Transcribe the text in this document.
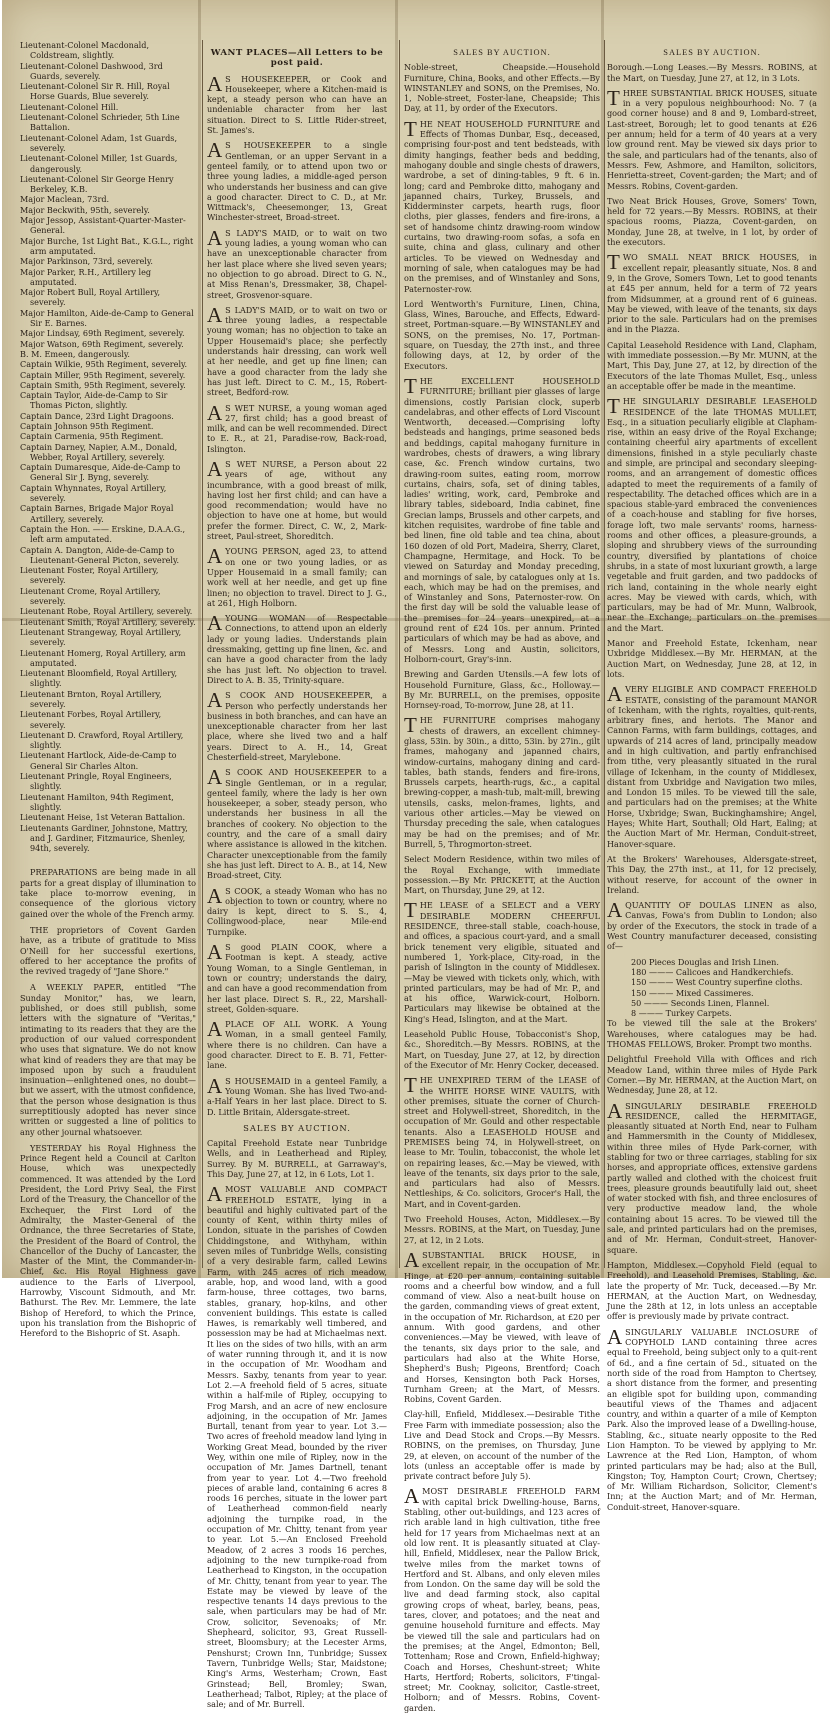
Lieutenant-Colonel Macdonald, Coldstream, slightly.
Lieutenant-Colonel Dashwood, 3rd Guards, severely.
Lieutenant-Colonel Sir R. Hill, Royal Horse Guards, Blue severely.
Lieutenant-Colonel Hill.
Lieutenant-Colonel Schrieder, 5th Line Battalion.
Lieutenant-Colonel Adam, 1st Guards, severely.
Lieutenant-Colonel Miller, 1st Guards, dangerously.
Lieutenant-Colonel Sir George Henry Berkeley, K.B.
Major Maclean, 73rd.
Major Beckwith, 95th, severely.
Major Jessop, Assistant-Quarter-Master-General.
Major Burche, 1st Light Bat., K.G.L., right arm amputated.
Major Parkinson, 73rd, severely.
Major Parker, R.H., Artillery leg amputated.
Major Robert Bull, Royal Artillery, severely.
Major Hamilton, Aide-de-Camp to General Sir E. Barnes.
Major Lindsay, 69th Regiment, severely.
Major Watson, 69th Regiment, severely.
B. M. Emeen, dangerously.
Captain Wilkie, 95th Regiment, severely.
Captain Miller, 95th Regiment, severely.
Captain Smith, 95th Regiment, severely.
Captain Taylor, Aide-de-Camp to Sir Thomas Picton, slightly.
Captain Dance, 23rd Light Dragoons.
Captain Johnson 95th Regiment.
Captain Carmenia, 95th Regiment.
Captain Darney, Napier, A.M., Donald, Webber, Royal Artillery, severely.
Captain Dumaresque, Aide-de-Camp to General Sir J. Byng, severely.
Captain Whynnates, Royal Artillery, severely.
Captain Barnes, Brigade Major Royal Artillery, severely.
Captain the Hon. —— Erskine, D.A.A.G., left arm amputated.
Captain A. Dangton, Aide-de-Camp to Lieutenant-General Picton, severely.
Lieutenant Foster, Royal Artillery, severely.
Lieutenant Crome, Royal Artillery, severely.
Lieutenant Robe, Royal Artillery, severely.
Lieutenant Smith, Royal Artillery, severely.
Lieutenant Strangeway, Royal Artillery, severely.
Lieutenant Homerg, Royal Artillery, arm amputated.
Lieutenant Bloomfield, Royal Artillery, slightly.
Lieutenant Brnton, Royal Artillery, severely.
Lieutenant Forbes, Royal Artillery, severely.
Lieutenant D. Crawford, Royal Artillery, slightly.
Lieutenant Hartlock, Aide-de-Camp to General Sir Charles Alton.
Lieutenant Pringle, Royal Engineers, slightly.
Lieutenant Hamilton, 94th Regiment, slightly.
Lieutenant Heise, 1st Veteran Battalion.
Lieutenants Gardiner, Johnstone, Mattry, and J. Gardiner, Fitzmaurice, Shenley, 94th, severely.
PREPARATIONS are being made in all parts for a great display of illumination to take place to-morrow evening, in consequence of the glorious victory gained over the whole of the French army.
THE proprietors of Covent Garden have, as a tribute of gratitude to Miss O'Neill for her successful exertions, offered to her acceptance the profits of the revived tragedy of "Jane Shore."
A WEEKLY PAPER, entitled "The Sunday Monitor," has, we learn, published, or does still publish, some letters with the signature of "Veritas," intimating to its readers that they are the production of our valued correspondent who uses that signature. We do not know what kind of readers they are that may be imposed upon by such a fraudulent insinuation—enlightened ones, no doubt—but we assert, with the utmost confidence, that the person whose designation is thus surreptitiously adopted has never since written or suggested a line of politics to any other journal whatsoever.
YESTERDAY his Royal Highness the Prince Regent held a Council at Carlton House, which was unexpectedly commenced. It was attended by the Lord President, the Lord Privy Seal, the First Lord of the Treasury, the Chancellor of the Exchequer, the First Lord of the Admiralty, the Master-General of the Ordnance, the three Secretaries of State, the President of the Board of Control, the Chancellor of the Duchy of Lancaster, the Master of the Mint, the Commander-in-Chief, &c. His Royal Highness gave audience to the Earls of Liverpool, Harrowby, Viscount Sidmouth, and Mr. Bathurst. The Rev. Mr. Lemmere, the late Bishop of Hereford, to which the Prince, upon his translation from the Bishopric of Hereford to the Bishopric of St. Asaph.
WANT PLACES—All Letters to be post paid.
A S HOUSEKEEPER, or Cook and Housekeeper, where a Kitchen-maid is kept, a steady person who can have an undeniable character from her last situation. Direct to S. Little Rider-street, St. James's.
A S HOUSEKEEPER to a single Gentleman, or an upper Servant in a genteel family, or to attend upon two or three young ladies, a middle-aged person who understands her business and can give a good character. Direct to C. D., at Mr. Wittmack's, Cheesemonger, 13, Great Winchester-street, Broad-street.
A S LADY'S MAID, or to wait on two young ladies, a young woman who can have an unexceptionable character from her last place where she lived seven years; no objection to go abroad. Direct to G. N., at Miss Renan's, Dressmaker, 38, Chapel-street, Grosvenor-square.
A S LADY'S MAID, or to wait on two or three young ladies, a respectable young woman; has no objection to take an Upper Housemaid's place; she perfectly understands hair dressing, can work well at her needle, and get up fine linen; can have a good character from the lady she has just left. Direct to C. M., 15, Robert-street, Bedford-row.
A S WET NURSE, a young woman aged 27, first child; has a good breast of milk, and can be well recommended. Direct to E. R., at 21, Paradise-row, Back-road, Islington.
A S WET NURSE, a Person about 22 years of age, without any incumbrance, with a good breast of milk, having lost her first child; and can have a good recommendation; would have no objection to have one at home, but would prefer the former. Direct, C. W., 2, Mark-street, Paul-street, Shoreditch.
AYOUNG PERSON, aged 23, to attend on one or two young ladies, or as Upper Housemaid in a small family; can work well at her needle, and get up fine linen; no objection to travel. Direct to J. G., at 261, High Holborn.
AYOUNG WOMAN of Respectable Connections, to attend upon an elderly lady or young ladies. Understands plain dressmaking, getting up fine linen, &c. and can have a good character from the lady she has just left. No objection to travel. Direct to A. B. 35, Trinity-square.
A S COOK AND HOUSEKEEPER, a Person who perfectly understands her business in both branches, and can have an unexceptionable character from her last place, where she lived two and a half years. Direct to A. H., 14, Great Chesterfield-street, Marylebone.
A S COOK AND HOUSEKEEPER to a Single Gentleman, or in a regular, genteel family, where the lady is her own housekeeper, a sober, steady person, who understands her business in all the branches of cookery. No objection to the country, and the care of a small dairy where assistance is allowed in the kitchen. Character unexceptionable from the family she has just left. Direct to A. B., at 14, New Broad-street, City.
A S COOK, a steady Woman who has no objection to town or country, where no dairy is kept, direct to S. S., 4, Collingwood-place, near Mile-end Turnpike.
A S good PLAIN COOK, where a Footman is kept. A steady, active Young Woman, to a Single Gentleman, in town or country; understands the dairy, and can have a good recommendation from her last place. Direct S. R., 22, Marshall-street, Golden-square.
APLACE OF ALL WORK. A Young Woman, in a small genteel Family, where there is no children. Can have a good character. Direct to E. B. 71, Fetter-lane.
A S HOUSEMAID in a genteel Family, a Young Woman. She has lived Two-and-a-Half Years in her last place. Direct to S. D. Little Britain, Aldersgate-street.
SALES BY AUCTION.
Capital Freehold Estate near Tunbridge Wells, and in Leatherhead and Ripley, Surrey. By M. BURRELL, at Garraway's, This Day, June 27, at 12, in 6 Lots, Lot 1.
AMOST VALUABLE AND COMPACT FREEHOLD ESTATE, lying in a beautiful and highly cultivated part of the county of Kent, within thirty miles of London, situate in the parishes of Cowden Chiddingstone, and Withyham, within seven miles of Tunbridge Wells, consisting of a very desirable farm, called Lewins Farm, with 245 acres of rich meadow, arable, hop, and wood land, with a good farm-house, three cottages, two barns, stables, granary, hop-kilns, and other convenient buildings. This estate is called Hawes, is remarkably well timbered, and possession may be had at Michaelmas next. It lies on the sides of two hills, with an arm of water running through it, and it is now in the occupation of Mr. Woodham and Messrs. Saxby, tenants from year to year. Lot 2.—A freehold field of 5 acres, situate within a half-mile of Ripley, occupying to Frog Marsh, and an acre of new enclosure adjoining, in the occupation of Mr. James Burtall, tenant from year to year. Lot 3.—Two acres of freehold meadow land lying in Working Great Mead, bounded by the river Wey, within one mile of Ripley, now in the occupation of Mr. James Dartnell, tenant from year to year. Lot 4.—Two freehold pieces of arable land, containing 6 acres 8 roods 16 perches, situate in the lower part of Leatherhead common-field nearly adjoining the turnpike road, in the occupation of Mr. Chitty, tenant from year to year. Lot 5.—An Enclosed Freehold Meadow, of 2 acres 3 roods 16 perches, adjoining to the new turnpike-road from Leatherhead to Kingston, in the occupation of Mr. Chitty, tenant from year to year. The Estate may be viewed by leave of the respective tenants 14 days previous to the sale, when particulars may be had of Mr. Crow, solicitor, Sevenoaks; of Mr. Shepheard, solicitor, 93, Great Russell-street, Bloomsbury; at the Lecester Arms, Penshurst; Crown Inn, Tunbridge; Sussex Tavern, Tunbridge Wells; Star, Maidstone; King's Arms, Westerham; Crown, East Grinstead; Bell, Bromley; Swan, Leatherhead; Talbot, Ripley; at the place of sale; and of Mr. Burrell.
SALES BY AUCTION.
Noble-street, Cheapside.—Household Furniture, China, Books, and other Effects.—By WINSTANLEY and SONS, on the Premises, No. 1, Noble-street, Foster-lane, Cheapside; This Day, at 11, by order of the Executors.
THE NEAT HOUSEHOLD FURNITURE and Effects of Thomas Dunbar, Esq., deceased, comprising four-post and tent bedsteads, with dimity hangings, feather beds and bedding, mahogany double and single chests of drawers, wardrobe, a set of dining-tables, 9 ft. 6 in. long; card and Pembroke ditto, mahogany and japanned chairs, Turkey, Brussels, and Kidderminster carpets, hearth rugs, floor cloths, pier glasses, fenders and fire-irons, a set of handsome chintz drawing-room window curtains, two drawing-room sofas, a sofa en suite, china and glass, culinary and other articles. To be viewed on Wednesday and morning of sale, when catalogues may be had on the premises, and of Winstanley and Sons, Paternoster-row.
Lord Wentworth's Furniture, Linen, China, Glass, Wines, Barouche, and Effects, Edward-street, Portman-square.—By WINSTANLEY and SONS, on the premises, No. 17, Portman-square, on Tuesday, the 27th inst., and three following days, at 12, by order of the Executors.
THE EXCELLENT HOUSEHOLD FURNITURE; brilliant pier glasses of large dimensions, costly Parisian clock, superb candelabras, and other effects of Lord Viscount Wentworth, deceased.—Comprising lofty bedsteads and hangings, prime seasoned beds and beddings, capital mahogany furniture in wardrobes, chests of drawers, a wing library case, &c. French window curtains, two drawing-room suites, eating room, morrow curtains, chairs, sofa, set of dining tables, ladies' writing, work, card, Pembroke and library tables, sideboard, India cabinet, fine Grecian lamps, Brussels and other carpets, and kitchen requisites, wardrobe of fine table and bed linen, fine old table and tea china, about 160 dozen of old Port, Madeira, Sherry, Claret, Champagne, Hermitage, and Hock. To be viewed on Saturday and Monday preceding, and mornings of sale, by catalogues only at 1s. each, which may be had on the premises, and of Winstanley and Sons, Paternoster-row. On the first day will be sold the valuable lease of the premises for 24 years unexpired, at a ground rent of £24 10s. per annum. Printed particulars of which may be had as above, and of Messrs. Long and Austin, solicitors, Holborn-court, Gray's-inn.
Brewing and Garden Utensils.—A few lots of Household Furniture, Glass, &c., Holloway.—By Mr. BURRELL, on the premises, opposite Hornsey-road, To-morrow, June 28, at 11.
THE FURNITURE comprises mahogany chests of drawers, an excellent chimney-glass, 53in. by 30in., a ditto, 53in. by 27in., gilt frames, mahogany and japanned chairs, window-curtains, mahogany dining and card-tables, bath stands, fenders and fire-irons, Brussels carpets, hearth-rugs, &c., a capital brewing-copper, a mash-tub, malt-mill, brewing utensils, casks, melon-frames, lights, and various other articles.—May be viewed on Thursday preceding the sale, when catalogues may be had on the premises; and of Mr. Burrell, 5, Throgmorton-street.
Select Modern Residence, within two miles of the Royal Exchange, with immediate possession.—By Mr. PRICKETT, at the Auction Mart, on Thursday, June 29, at 12.
THE LEASE of a SELECT and a VERY DESIRABLE MODERN CHEERFUL RESIDENCE, three-stall stable, coach-house, and offices, a spacious court-yard, and a small brick tenement very eligible, situated and numbered 1, York-place, City-road, in the parish of Islington in the county of Middlesex.—May be viewed with tickets only, which, with printed particulars, may be had of Mr. P., and at his office, Warwick-court, Holborn. Particulars may likewise be obtained at the King's Head, Islington, and at the Mart.
Leasehold Public House, Tobacconist's Shop, &c., Shoreditch.—By Messrs. ROBINS, at the Mart, on Tuesday, June 27, at 12, by direction of the Executor of Mr. Henry Cocker, deceased.
THE UNEXPIRED TERM of the LEASE of the WHITE HORSE WINE VAULTS, with other premises, situate the corner of Church-street and Holywell-street, Shoreditch, in the occupation of Mr. Gould and other respectable tenants. Also a LEASEHOLD HOUSE and PREMISES being 74, in Holywell-street, on lease to Mr. Toulin, tobacconist, the whole let on repairing leases, &c.—May be viewed, with leave of the tenants, six days prior to the sale, and particulars had also of Messrs. Nettleships, & Co. solicitors, Grocer's Hall, the Mart, and in Covent-garden.
Two Freehold Houses, Acton, Middlesex.—By Messrs. ROBINS, at the Mart, on Tuesday, June 27, at 12, in 2 Lots.
ASUBSTANTIAL BRICK HOUSE, in excellent repair, in the occupation of Mr. Hinge, at £20 per annum, containing suitable rooms and a cheerful bow window, and a full command of view. Also a neat-built house on the garden, commanding views of great extent, in the occupation of Mr. Richardson, at £20 per annum. With good gardens, and other conveniences.—May be viewed, with leave of the tenants, six days prior to the sale, and particulars had also at the White Horse, Shepherd's Bush; Pigeons, Brentford; Coach and Horses, Kensington both Pack Horses, Turnham Green; at the Mart, of Messrs. Robins, Covent Garden.
Clay-hill, Enfield, Middlesex.—Desirable Tithe Free Farm with immediate possession; also the Live and Dead Stock and Crops.—By Messrs. ROBINS, on the premises, on Thursday, June 29, at eleven, on account of the number of the lots (unless an acceptable offer is made by private contract before July 5).
AMOST DESIRABLE FREEHOLD FARM with capital brick Dwelling-house, Barns, Stabling, other out-buildings, and 123 acres of rich arable land in high cultivation, tithe free held for 17 years from Michaelmas next at an old low rent. It is pleasantly situated at Clay-hill, Enfield, Middlesex, near the Pallow Brick, twelve miles from the market towns of Hertford and St. Albans, and only eleven miles from London. On the same day will be sold the live and dead farming stock, also capital growing crops of wheat, barley, beans, peas, tares, clover, and potatoes; and the neat and genuine household furniture and effects. May be viewed till the sale and particulars had on the premises; at the Angel, Edmonton; Bell, Tottenham; Rose and Crown, Enfield-highway; Coach and Horses, Cheshunt-street; White Harts, Hertford; Roberts, solicitors, F'tingal-street; Mr. Cooknay, solicitor, Castle-street, Holborn; and of Messrs. Robins, Covent-garden.
SALES BY AUCTION.
Borough.—Long Leases.—By Messrs. ROBINS, at the Mart, on Tuesday, June 27, at 12, in 3 Lots.
THREE SUBSTANTIAL BRICK HOUSES, situate in a very populous neighbourhood: No. 7 (a good corner house) and 8 and 9, Lombard-street, Last-street, Borough; let to good tenants at £26 per annum; held for a term of 40 years at a very low ground rent. May be viewed six days prior to the sale, and particulars had of the tenants, also of Messrs. Few, Ashmore, and Hamilton, solicitors, Henrietta-street, Covent-garden; the Mart; and of Messrs. Robins, Covent-garden.
Two Neat Brick Houses, Grove, Somers' Town, held for 72 years.—By Messrs. ROBINS, at their spacious rooms, Piazza, Covent-garden, on Monday, June 28, at twelve, in 1 lot, by order of the executors.
TWO SMALL NEAT BRICK HOUSES, in excellent repair, pleasantly situate, Nos. 8 and 9, in the Grove, Somers Town, Let to good tenants at £45 per annum, held for a term of 72 years from Midsummer, at a ground rent of 6 guineas. May be viewed, with leave of the tenants, six days prior to the sale. Particulars had on the premises and in the Piazza.
Capital Leasehold Residence with Land, Clapham, with immediate possession.—By Mr. MUNN, at the Mart, This Day, June 27, at 12, by direction of the Executors of the late Thomas Mullet, Esq., unless an acceptable offer be made in the meantime.
THE SINGULARLY DESIRABLE LEASEHOLD RESIDENCE of the late THOMAS MULLET, Esq., in a situation peculiarly eligible at Clapham-rise, within an easy drive of the Royal Exchange; containing cheerful airy apartments of excellent dimensions, finished in a style peculiarly chaste and simple, are principal and secondary sleeping-rooms, and an arrangement of domestic offices adapted to meet the requirements of a family of respectability. The detached offices which are in a spacious stable-yard embraced the conveniences of a coach-house and stabling for five horses, forage loft, two male servants' rooms, harness-rooms and other offices, a pleasure-grounds, a sloping and shrubbery views of the surrounding country, diversified by plantations of choice shrubs, in a state of most luxuriant growth, a large vegetable and fruit garden, and two paddocks of rich land, containing in the whole nearly eight acres. May be viewed with cards, which, with particulars, may be had of Mr. Munn, Walbrook, near the Exchange; particulars on the premises and the Mart.
Manor and Freehold Estate, Ickenham, near Uxbridge Middlesex.—By Mr. HERMAN, at the Auction Mart, on Wednesday, June 28, at 12, in lots.
AVERY ELIGIBLE AND COMPACT FREEHOLD ESTATE, consisting of the paramount MANOR of Ickenham, with the rights, royalties, quit-rents, arbitrary fines, and heriots. The Manor and Cannon Farms, with farm buildings, cottages, and upwards of 214 acres of land, principally meadow and in high cultivation, and partly enfranchised from tithe, very pleasantly situated in the rural village of Ickenham, in the county of Middlesex, distant from Uxbridge and Navigation two miles, and London 15 miles. To be viewed till the sale, and particulars had on the premises; at the White Horse, Uxbridge; Swan, Buckinghamshire; Angel, Hayes; White Hart, Southall; Old Hart, Ealing; at the Auction Mart of Mr. Herman, Conduit-street, Hanover-square.
At the Brokers' Warehouses, Aldersgate-street, This Day, the 27th inst., at 11, for 12 precisely, without reserve, for account of the owner in Ireland.
AQUANTITY OF DOULAS LINEN as also, Canvas, Fowa's from Dublin to London; also by order of the Executors, the stock in trade of a West Country manufacturer deceased, consisting of—
200 Pieces Douglas and Irish Linen.
180 ——— Calicoes and Handkerchiefs.
150 ——— West Country superfine cloths.
150 ——— Mixed Cassimeres.
50 ——— Seconds Linen, Flannel.
8 ——— Turkey Carpets.
To be viewed till the sale at the Brokers' Warehouses, where catalogues may be had. THOMAS FELLOWS, Broker. Prompt two months.
Delightful Freehold Villa with Offices and rich Meadow Land, within three miles of Hyde Park Corner.—By Mr. HERMAN, at the Auction Mart, on Wednesday, June 28, at 12.
ASINGULARLY DESIRABLE FREEHOLD RESIDENCE, called the HERMITAGE, pleasantly situated at North End, near to Fulham and Hammersmith in the County of Middlesex, within three miles of Hyde Park-corner, with stabling for two or three carriages, stabling for six horses, and appropriate offices, extensive gardens partly walled and clothed with the choicest fruit trees, pleasure grounds beautifully laid out, sheet of water stocked with fish, and three enclosures of very productive meadow land, the whole containing about 15 acres. To be viewed till the sale, and printed particulars had on the premises, and of Mr. Herman, Conduit-street, Hanover-square.
Hampton, Middlesex.—Copyhold Field (equal to Freehold), and Leasehold Premises, Stabling, &c. late the property of Mr. Tuck, deceased.—By Mr. HERMAN, at the Auction Mart, on Wednesday, June the 28th at 12, in lots unless an acceptable offer is previously made by private contract.
ASINGULARLY VALUABLE INCLOSURE of COPYHOLD LAND containing three acres equal to Freehold, being subject only to a quit-rent of 6d., and a fine certain of 5d., situated on the north side of the road from Hampton to Chertsey, a short distance from the former, and presenting an eligible spot for building upon, commanding beautiful views of the Thames and adjacent country, and within a quarter of a mile of Kempton Park. Also the improved lease of a Dwelling-house, Stabling, &c., situate nearly opposite to the Red Lion Hampton. To be viewed by applying to Mr. Lawrence at the Red Lion, Hampton, of whom printed particulars may be had; also at the Bull, Kingston; Toy, Hampton Court; Crown, Chertsey; of Mr. William Richardson, Solicitor, Clement's Inn; at the Auction Mart; and of Mr. Herman, Conduit-street, Hanover-square.
